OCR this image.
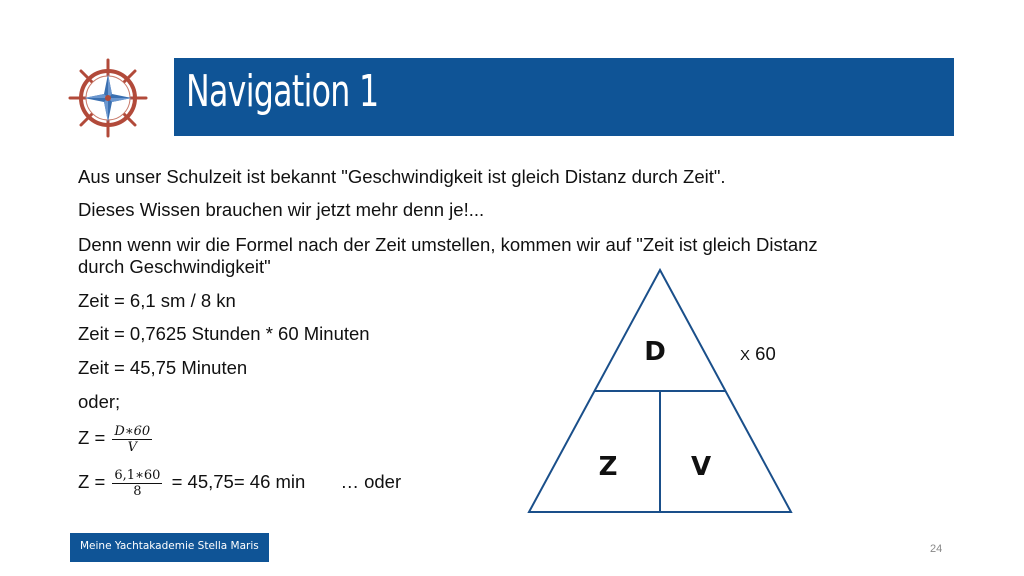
Navigation 1
Aus unser Schulzeit ist bekannt "Geschwindigkeit ist gleich Distanz durch Zeit".
Dieses Wissen brauchen wir jetzt mehr denn je!...
Denn wenn wir die Formel nach der Zeit umstellen, kommen wir auf "Zeit ist gleich Distanz
durch Geschwindigkeit"
Zeit = 6,1 sm / 8 kn
Zeit = 0,7625 Stunden * 60 Minuten
Zeit = 45,75 Minuten
oder;
$Z = \frac{D∗60}{V}$
$Z = \frac{6,1∗60}{8} = 45,75= 46$ min … oder
D
Z	V
X 60
Meine Yachtakademie Stella Maris	24
